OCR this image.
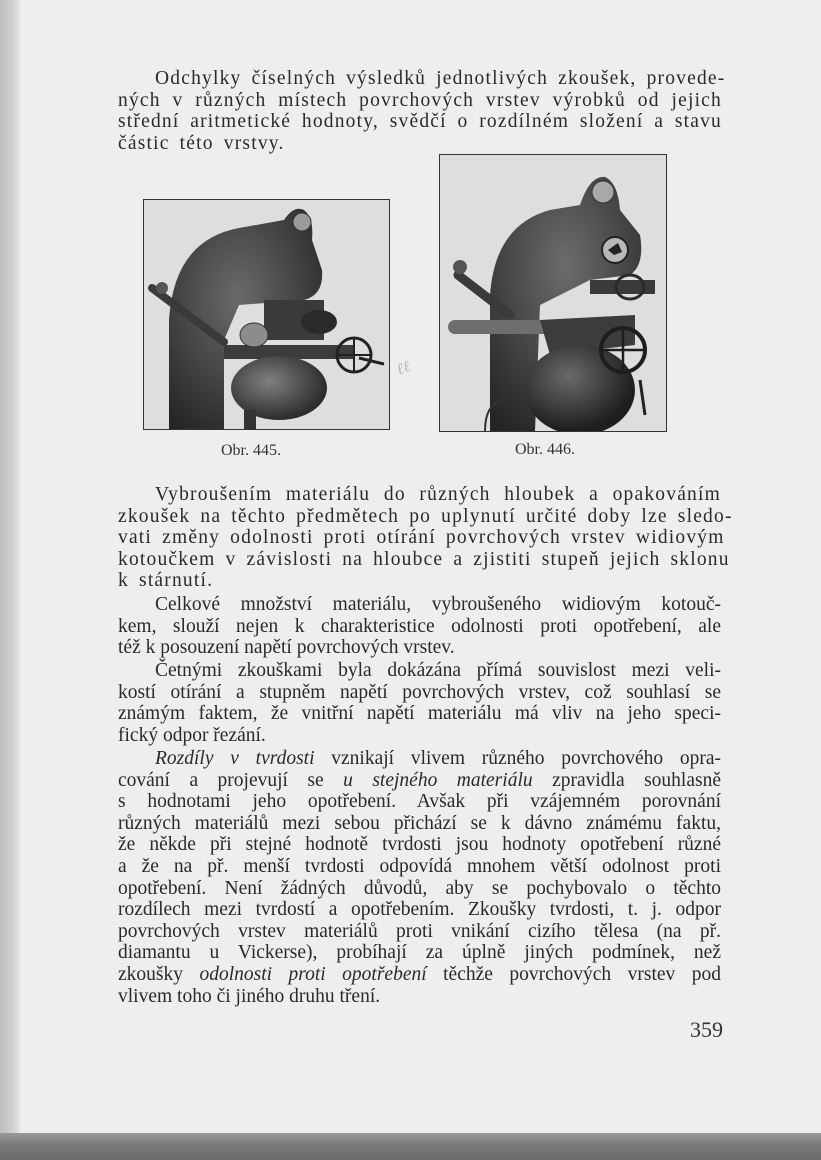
Odchylky číselných výsledků jednotlivých zkoušek, provede-
ných v různých místech povrchových vrstev výrobků od jejich
střední aritmetické hodnoty, svědčí o rozdílném složení a stavu
částic této vrstvy.
Obr. 445.	Obr. 446.
ℓℓ
Vybroušením materiálu do různých hloubek a opakováním
zkoušek na těchto předmětech po uplynutí určité doby lze sledo-
vati změny odolnosti proti otírání povrchových vrstev widiovým
kotoučkem v závislosti na hloubce a zjistiti stupeň jejich sklonu
k stárnutí.
Celkové množství materiálu, vybroušeného widiovým kotouč-
kem, slouží nejen k charakteristice odolnosti proti opotřebení, ale
též k posouzení napětí povrchových vrstev.
Četnými zkouškami byla dokázána přímá souvislost mezi veli-
kostí otírání a stupněm napětí povrchových vrstev, což souhlasí se
známým faktem, že vnitřní napětí materiálu má vliv na jeho speci-
fický odpor řezání.
Rozdíly v tvrdosti vznikají vlivem různého povrchového opra-
cování a projevují se u stejného materiálu zpravidla souhlasně
s hodnotami jeho opotřebení. Avšak při vzájemném porovnání
různých materiálů mezi sebou přichází se k dávno známému faktu,
že někde při stejné hodnotě tvrdosti jsou hodnoty opotřebení různé
a že na př. menší tvrdosti odpovídá mnohem větší odolnost proti
opotřebení. Není žádných důvodů, aby se pochybovalo o těchto
rozdílech mezi tvrdostí a opotřebením. Zkoušky tvrdosti, t. j. odpor
povrchových vrstev materiálů proti vnikání cizího tělesa (na př.
diamantu u Vickerse), probíhají za úplně jiných podmínek, než
zkoušky odolnosti proti opotřebení těchže povrchových vrstev pod
vlivem toho či jiného druhu tření.
359
